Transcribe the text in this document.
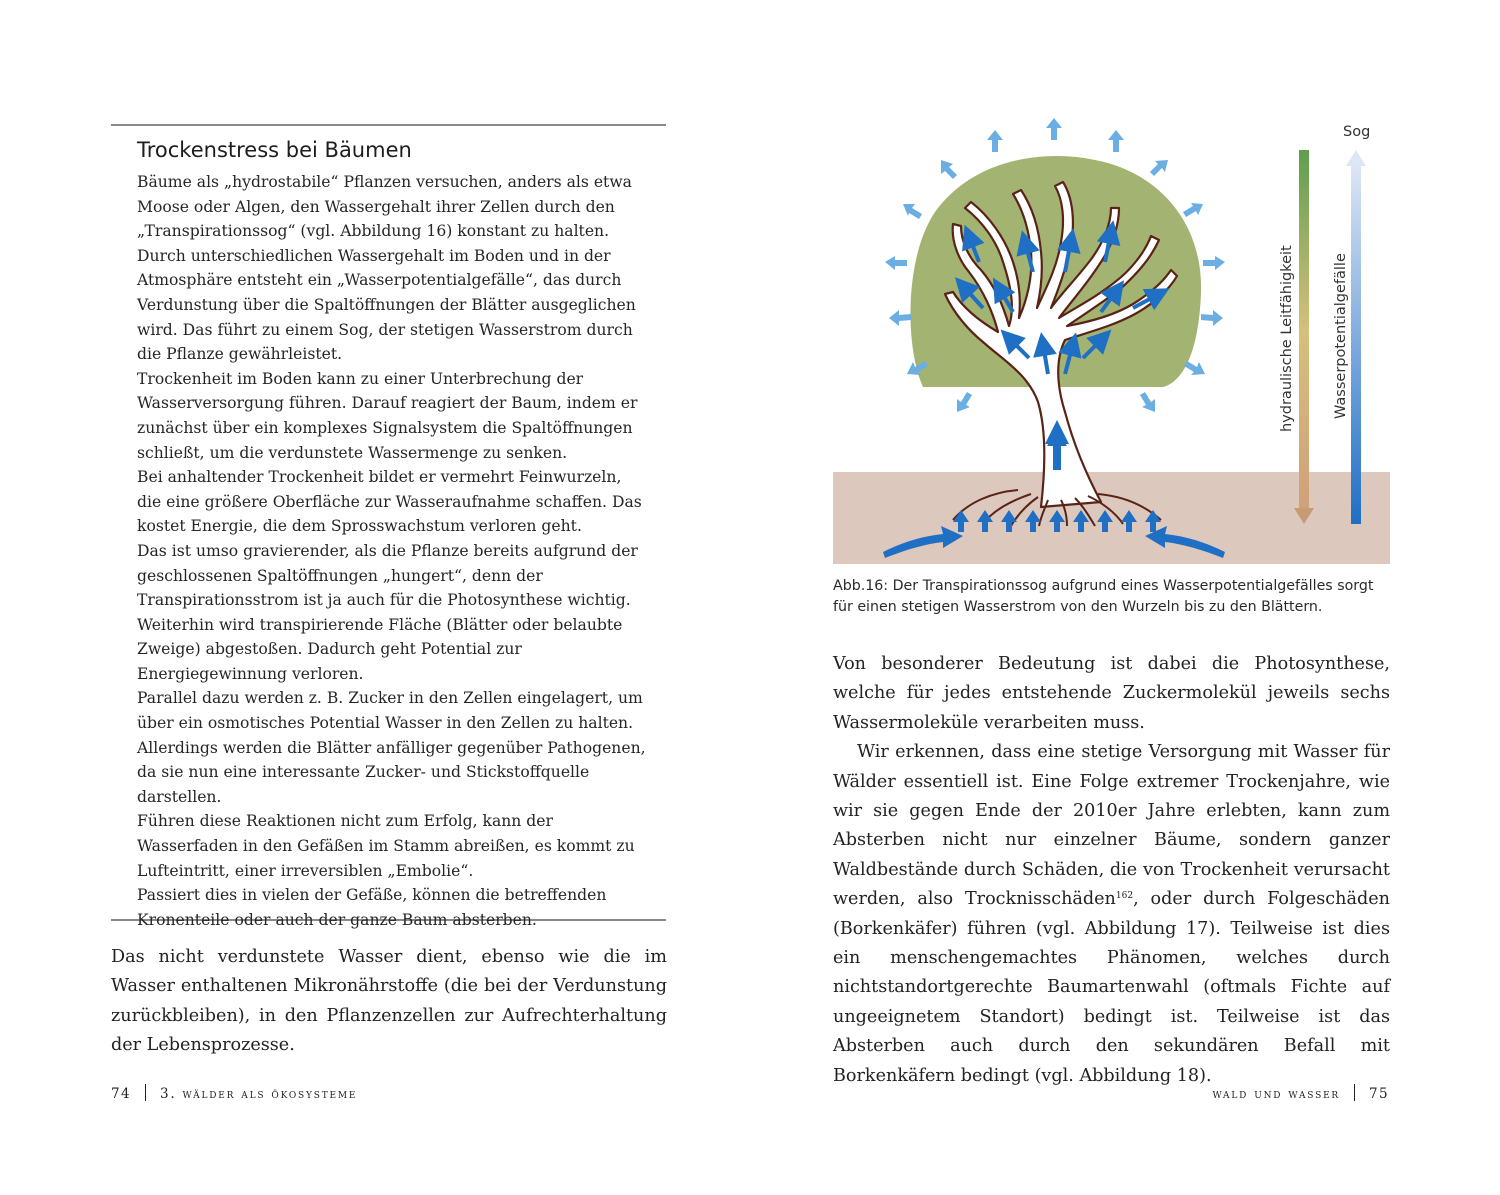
Trockenstress bei Bäumen

Bäume als „hydrostabile“ Pflanzen versuchen, anders als etwa Moose oder Algen, den Wassergehalt ihrer Zellen durch den „Transpirationssog“ (vgl. Abbildung 16) konstant zu halten. Durch unterschiedlichen Wassergehalt im Boden und in der Atmosphäre entsteht ein „Wasserpotentialgefälle“, das durch Verdunstung über die Spaltöffnungen der Blätter ausgeglichen wird. Das führt zu einem Sog, der stetigen Wasserstrom durch die Pflanze gewährleistet.

Trockenheit im Boden kann zu einer Unterbrechung der Wasserversorgung führen. Darauf reagiert der Baum, indem er zunächst über ein komplexes Signalsystem die Spaltöffnungen schließt, um die verdunstete Wassermenge zu senken.

Bei anhaltender Trockenheit bildet er vermehrt Feinwurzeln, die eine größere Oberfläche zur Wasseraufnahme schaffen. Das kostet Energie, die dem Sprosswachstum verloren geht.

Das ist umso gravierender, als die Pflanze bereits aufgrund der geschlossenen Spaltöffnungen „hungert“, denn der Transpirationsstrom ist ja auch für die Photosynthese wichtig.

Weiterhin wird transpirierende Fläche (Blätter oder belaubte Zweige) abgestoßen. Dadurch geht Potential zur Energiegewinnung verloren.

Parallel dazu werden z. B. Zucker in den Zellen eingelagert, um über ein osmotisches Potential Wasser in den Zellen zu halten. Allerdings werden die Blätter anfälliger gegenüber Pathogenen, da sie nun eine interessante Zucker- und Stickstoffquelle darstellen.

Führen diese Reaktionen nicht zum Erfolg, kann der Wasserfaden in den Gefäßen im Stamm abreißen, es kommt zu Lufteintritt, einer irreversiblen „Embolie“.

Passiert dies in vielen der Gefäße, können die betreffenden Kronenteile oder auch der ganze Baum absterben.

Das nicht verdunstete Wasser dient, ebenso wie die im Wasser enthaltenen Mikronährstoffe (die bei der Verdunstung zurückbleiben), in den Pflanzenzellen zur Aufrechterhaltung der Lebensprozesse.
74 3. wälder als ökosysteme
Sog
hydraulische Leitfähigkeit	Wasserpotentialgefälle
Abb.16: Der Transpirationssog aufgrund eines Wasserpotentialgefälles sorgt für einen stetigen Wasserstrom von den Wurzeln bis zu den Blättern.

Von besonderer Bedeutung ist dabei die Photosynthese, welche für jedes entstehende Zuckermolekül jeweils sechs Wassermoleküle verarbeiten muss.

Wir erkennen, dass eine stetige Versorgung mit Wasser für Wälder essentiell ist. Eine Folge extremer Trockenjahre, wie wir sie gegen Ende der 2010er Jahre erlebten, kann zum Absterben nicht nur einzelner Bäume, sondern ganzer Waldbestände durch Schäden, die von Trockenheit verursacht werden, also Trocknisschäden$^{162}$, oder durch Folgeschäden (Borkenkäfer) führen (vgl. Abbildung 17). Teilweise ist dies ein menschengemachtes Phänomen, welches durch nichtstandortgerechte Baumartenwahl (oftmals Fichte auf ungeeignetem Standort) bedingt ist. Teilweise ist das Absterben auch durch den sekundären Befall mit Borkenkäfern bedingt (vgl. Abbildung 18).

wald und wasser 75
